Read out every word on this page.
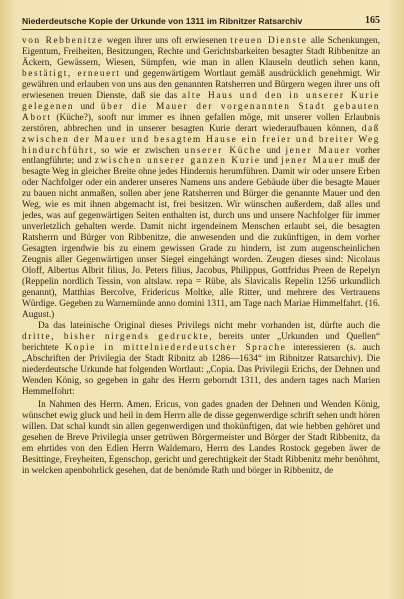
Niederdeutsche Kopie der Urkunde von 1311 im Ribnitzer Ratsarchiv	165

von Rebbenitze wegen ihrer uns oft erwiesenen treuen Dienste alle Schenkungen, Eigentum, Freiheiten, Besitzungen, Rechte und Gerichtsbarkeiten besagter Stadt Ribbenitze an Äckern, Gewässern, Wiesen, Sümpfen, wie man in allen Klauseln deutlich sehen kann, bestätigt, erneuert und gegenwärtigem Wortlaut gemäß ausdrücklich genehmigt. Wir gewähren und erlauben von uns aus den genannten Ratsherren und Bürgern wegen ihrer uns oft erwiesenen treuen Dienste, daß sie das alte Haus und den in unserer Kurie gelegenen und über die Mauer der vorgenannten Stadt gebauten Abort (Küche?), sooft nur immer es ihnen gefallen möge, mit unserer vollen Erlaubnis zerstören, abbrechen und in unserer besagten Kurie derart wiederaufbauen können, daß zwischen der Mauer und besagtem Hause ein freier und breiter Weg hindurchführt, so wie er zwischen unserer Küche und jener Mauer vorher entlangführte; und zwischen unserer ganzen Kurie und jener Mauer muß der besagte Weg in gleicher Breite ohne jedes Hindernis herumführen. Damit wir oder unsere Erben oder Nachfolger oder ein anderer unseres Namens uns andere Gebäude über die besagte Mauer zu bauen nicht anmaßen, sollen aber jene Ratsherren und Bürger die genannte Mauer und den Weg, wie es mit ihnen abgemacht ist, frei besitzen. Wir wünschen außerdem, daß alles und jedes, was auf gegenwärtigen Seiten enthalten ist, durch uns und unsere Nachfolger für immer unverletzlich gehalten werde. Damit nicht irgendeinem Menschen erlaubt sei, die besagten Ratsherrn und Bürger von Ribbenitze, die anwesenden und die zukünftigen, in dem vorher Gesagten irgendwie bis zu einem gewissen Grade zu hindern, ist zum augenscheinlichen Zeugnis aller Gegenwärtigen unser Siegel eingehängt worden. Zeugen dieses sind: Nicolaus Oloff, Albertus Albrit filius, Jo. Peters filius, Jacobus, Philippus, Gottfridus Preen de Repelyn (Reppelin nordlich Tessin, von altslaw. repa = Rübe, als Slavicalis Repelin 1256 urkundlich genannt), Matthias Bercolve, Fridericus Moltke, alle Ritter, und mehrere des Vertrauens Würdige. Gegeben zu Warnemünde anno domini 1311, am Tage nach Mariae Himmelfahrt. (16. August.)

Da das lateinische Original dieses Privilegs nicht mehr vorhanden ist, dürfte auch die dritte, bisher nirgends gedruckte, bereits unter „Urkunden und Quellen“ berichtete Kopie in mittelniederdeutscher Sprache interessieren (s. auch „Abschriften der Privilegia der Stadt Ribnitz ab 1286—1634“ im Ribnitzer Ratsarchiv). Die niederdeutsche Urkunde hat folgenden Wortlaut: „Copia. Das Privilegii Erichs, der Dehnen und Wenden König, so gegeben in gahr des Herrn geborndt 1311, des andern tages nach Marien Hemmelfohrt:

In Nahmen des Herrn. Amen. Ericus, von gades gnaden der Dehnen und Wenden König, wünschet ewig gluck und heil in dem Herrn alle de disse gegenwerdige schrift sehen undt hören willen. Dat schal kundt sin allen gegenwerdigen und thokünftigen, dat wie hebben gehöret und gesehen de Breve Privilegia unser getrüwen Börgermeister und Börger der Stadt Ribbenitz, da em ehrtides von den Edlen Herrn Waldemaro, Herrn des Landes Rostock gegeben äwer de Besittinge, Freyheiten, Egenschop, gericht und gerechtigkeit der Stadt Ribbenitz mehr benöhmt, in welcken apenbohrlick gesehen, dat de benömde Rath und börger in Ribbenitz, de
